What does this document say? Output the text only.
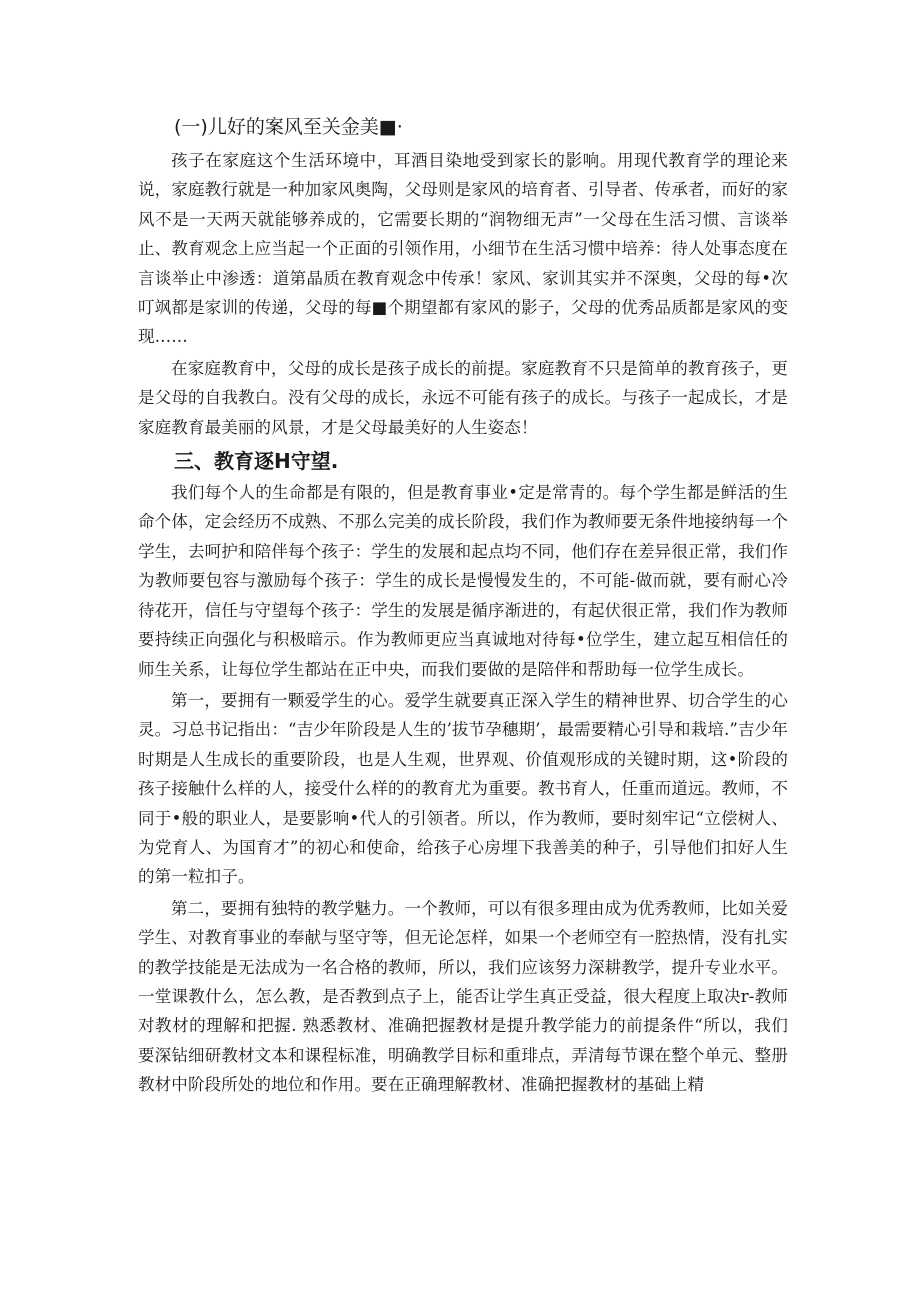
(一)儿好的案风至关金美■·

孩子在家庭这个生活环境中，耳酒目染地受到家长的影响。用现代教育学的理论来说，家庭教行就是一种加家风奥陶，父母则是家风的培育者、引导者、传承者，而好的家风不是一天两天就能够养成的，它需要长期的“润物细无声”一父母在生活习惯、言谈举止、教育观念上应当起一个正面的引领作用，小细节在生活习惯中培养：待人处事态度在言谈举止中渗透：道第晶质在教育观念中传承！家风、家训其实并不深奥，父母的每•次叮飒都是家训的传递，父母的每■个期望都有家风的影子，父母的优秀品质都是家风的变现……

在家庭教育中，父母的成长是孩子成长的前提。家庭教育不只是简单的教育孩子，更是父母的自我教白。没有父母的成长，永远不可能有孩子的成长。与孩子一起成长，才是家庭教育最美丽的风景，才是父母最美好的人生姿态！

三、教育逐H守望.

我们每个人的生命都是有限的，但是教育事业•定是常青的。每个学生都是鲜活的生命个体，定会经历不成熟、不那么完美的成长阶段，我们作为教师要无条件地接纳每一个学生，去呵护和陪伴每个孩子：学生的发展和起点均不同，他们存在差异很正常，我们作为教师要包容与激励每个孩子：学生的成长是慢慢发生的，不可能-做而就，要有耐心冷待花开，信任与守望每个孩子：学生的发展是循序渐进的，有起伏很正常，我们作为教师要持续正向强化与积极暗示。作为教师更应当真诚地对待每•位学生，建立起互相信任的师生关系，让每位学生都站在正中央，而我们要做的是陪伴和帮助每一位学生成长。

第一，要拥有一颗爱学生的心。爱学生就要真正深入学生的精神世界、切合学生的心灵。习总书记指出：“吉少年阶段是人生的’拔节孕穗期’，最需要精心引导和栽培.”吉少年时期是人生成长的重要阶段，也是人生观，世界观、价值观形成的关键时期，这•阶段的孩子接触什么样的人，接受什么样的的教育尤为重要。教书育人，任重而道远。教师，不同于•般的职业人，是要影响•代人的引领者。所以，作为教师，要时刻牢记“立偿树人、为党育人、为国育才”的初心和使命，给孩子心房埋下我善美的种子，引导他们扣好人生的第一粒扣子。

第二，要拥有独特的教学魅力。一个教师，可以有很多理由成为优秀教师，比如关爱学生、对教育事业的奉献与坚守等，但无论怎样，如果一个老师空有一腔热情，没有扎实的教学技能是无法成为一名合格的教师，所以，我们应该努力深耕教学，提升专业水平。一堂课教什么，怎么教，是否教到点子上，能否让学生真正受益，很大程度上取决r-教师对教材的理解和把握. 熟悉教材、准确把握教材是提升教学能力的前提条件“所以，我们要深钻细研教材文本和课程标准，明确教学目标和重琲点，弄清每节课在整个单元、整册教材中阶段所处的地位和作用。要在正确理解教材、准确把握教材的基础上精
